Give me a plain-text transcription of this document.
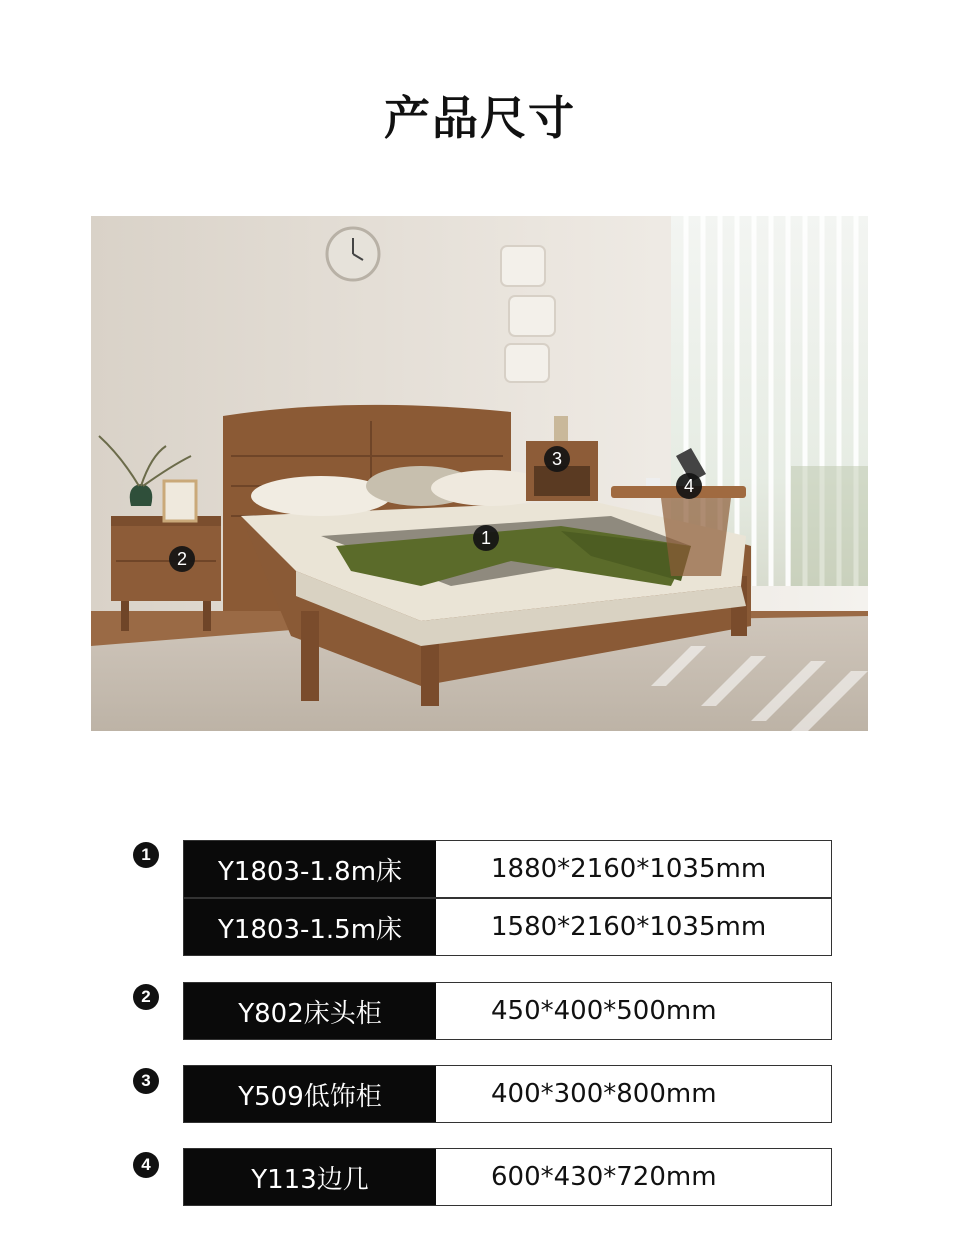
产品尺寸
1
2
3
4
1
Y1803-1.8m床	1880*2160*1035mm
Y1803-1.5m床	1580*2160*1035mm
2
Y802床头柜	450*400*500mm
3
Y509低饰柜	400*300*800mm
4	Y113边几	600*430*720mm
